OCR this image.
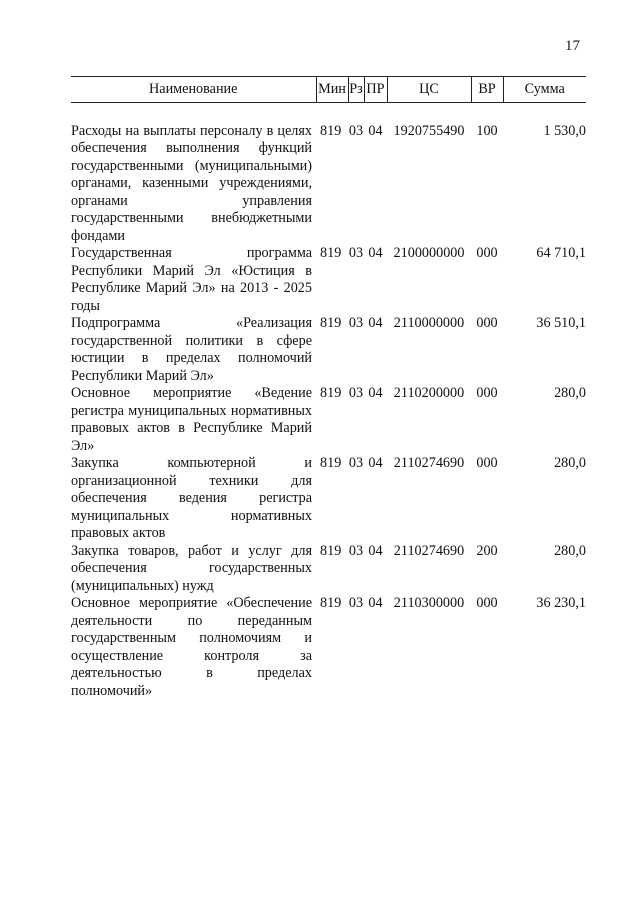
17
Наименование	Мин	Рз	ПР	ЦС	ВР	Сумма

Расходы на выплаты персоналу в целях обеспечения выполнения функций государственными (муниципальными) органами, казенными учреждениями, органами управления государственными внебюджетными фондами	819	03	04	1920755490	100	1 530,0
Государственная программа Республики Марий Эл «Юстиция в Республике Марий Эл» на 2013 - 2025 годы	819	03	04	2100000000	000	64 710,1
Подпрограмма «Реализация государственной политики в сфере юстиции в пределах полномочий Республики Марий Эл»	819	03	04	2110000000	000	36 510,1
Основное мероприятие «Ведение регистра муниципальных нормативных правовых актов в Республике Марий Эл»	819	03	04	2110200000	000	280,0
Закупка компьютерной и организационной техники для обеспечения ведения регистра муниципальных нормативных правовых актов	819	03	04	2110274690	000	280,0
Закупка товаров, работ и услуг для обеспечения государственных (муниципальных) нужд	819	03	04	2110274690	200	280,0
Основное мероприятие «Обеспечение деятельности по переданным государственным полномочиям и осуществление контроля за деятельностью в пределах полномочий»	819	03	04	2110300000	000	36 230,1
